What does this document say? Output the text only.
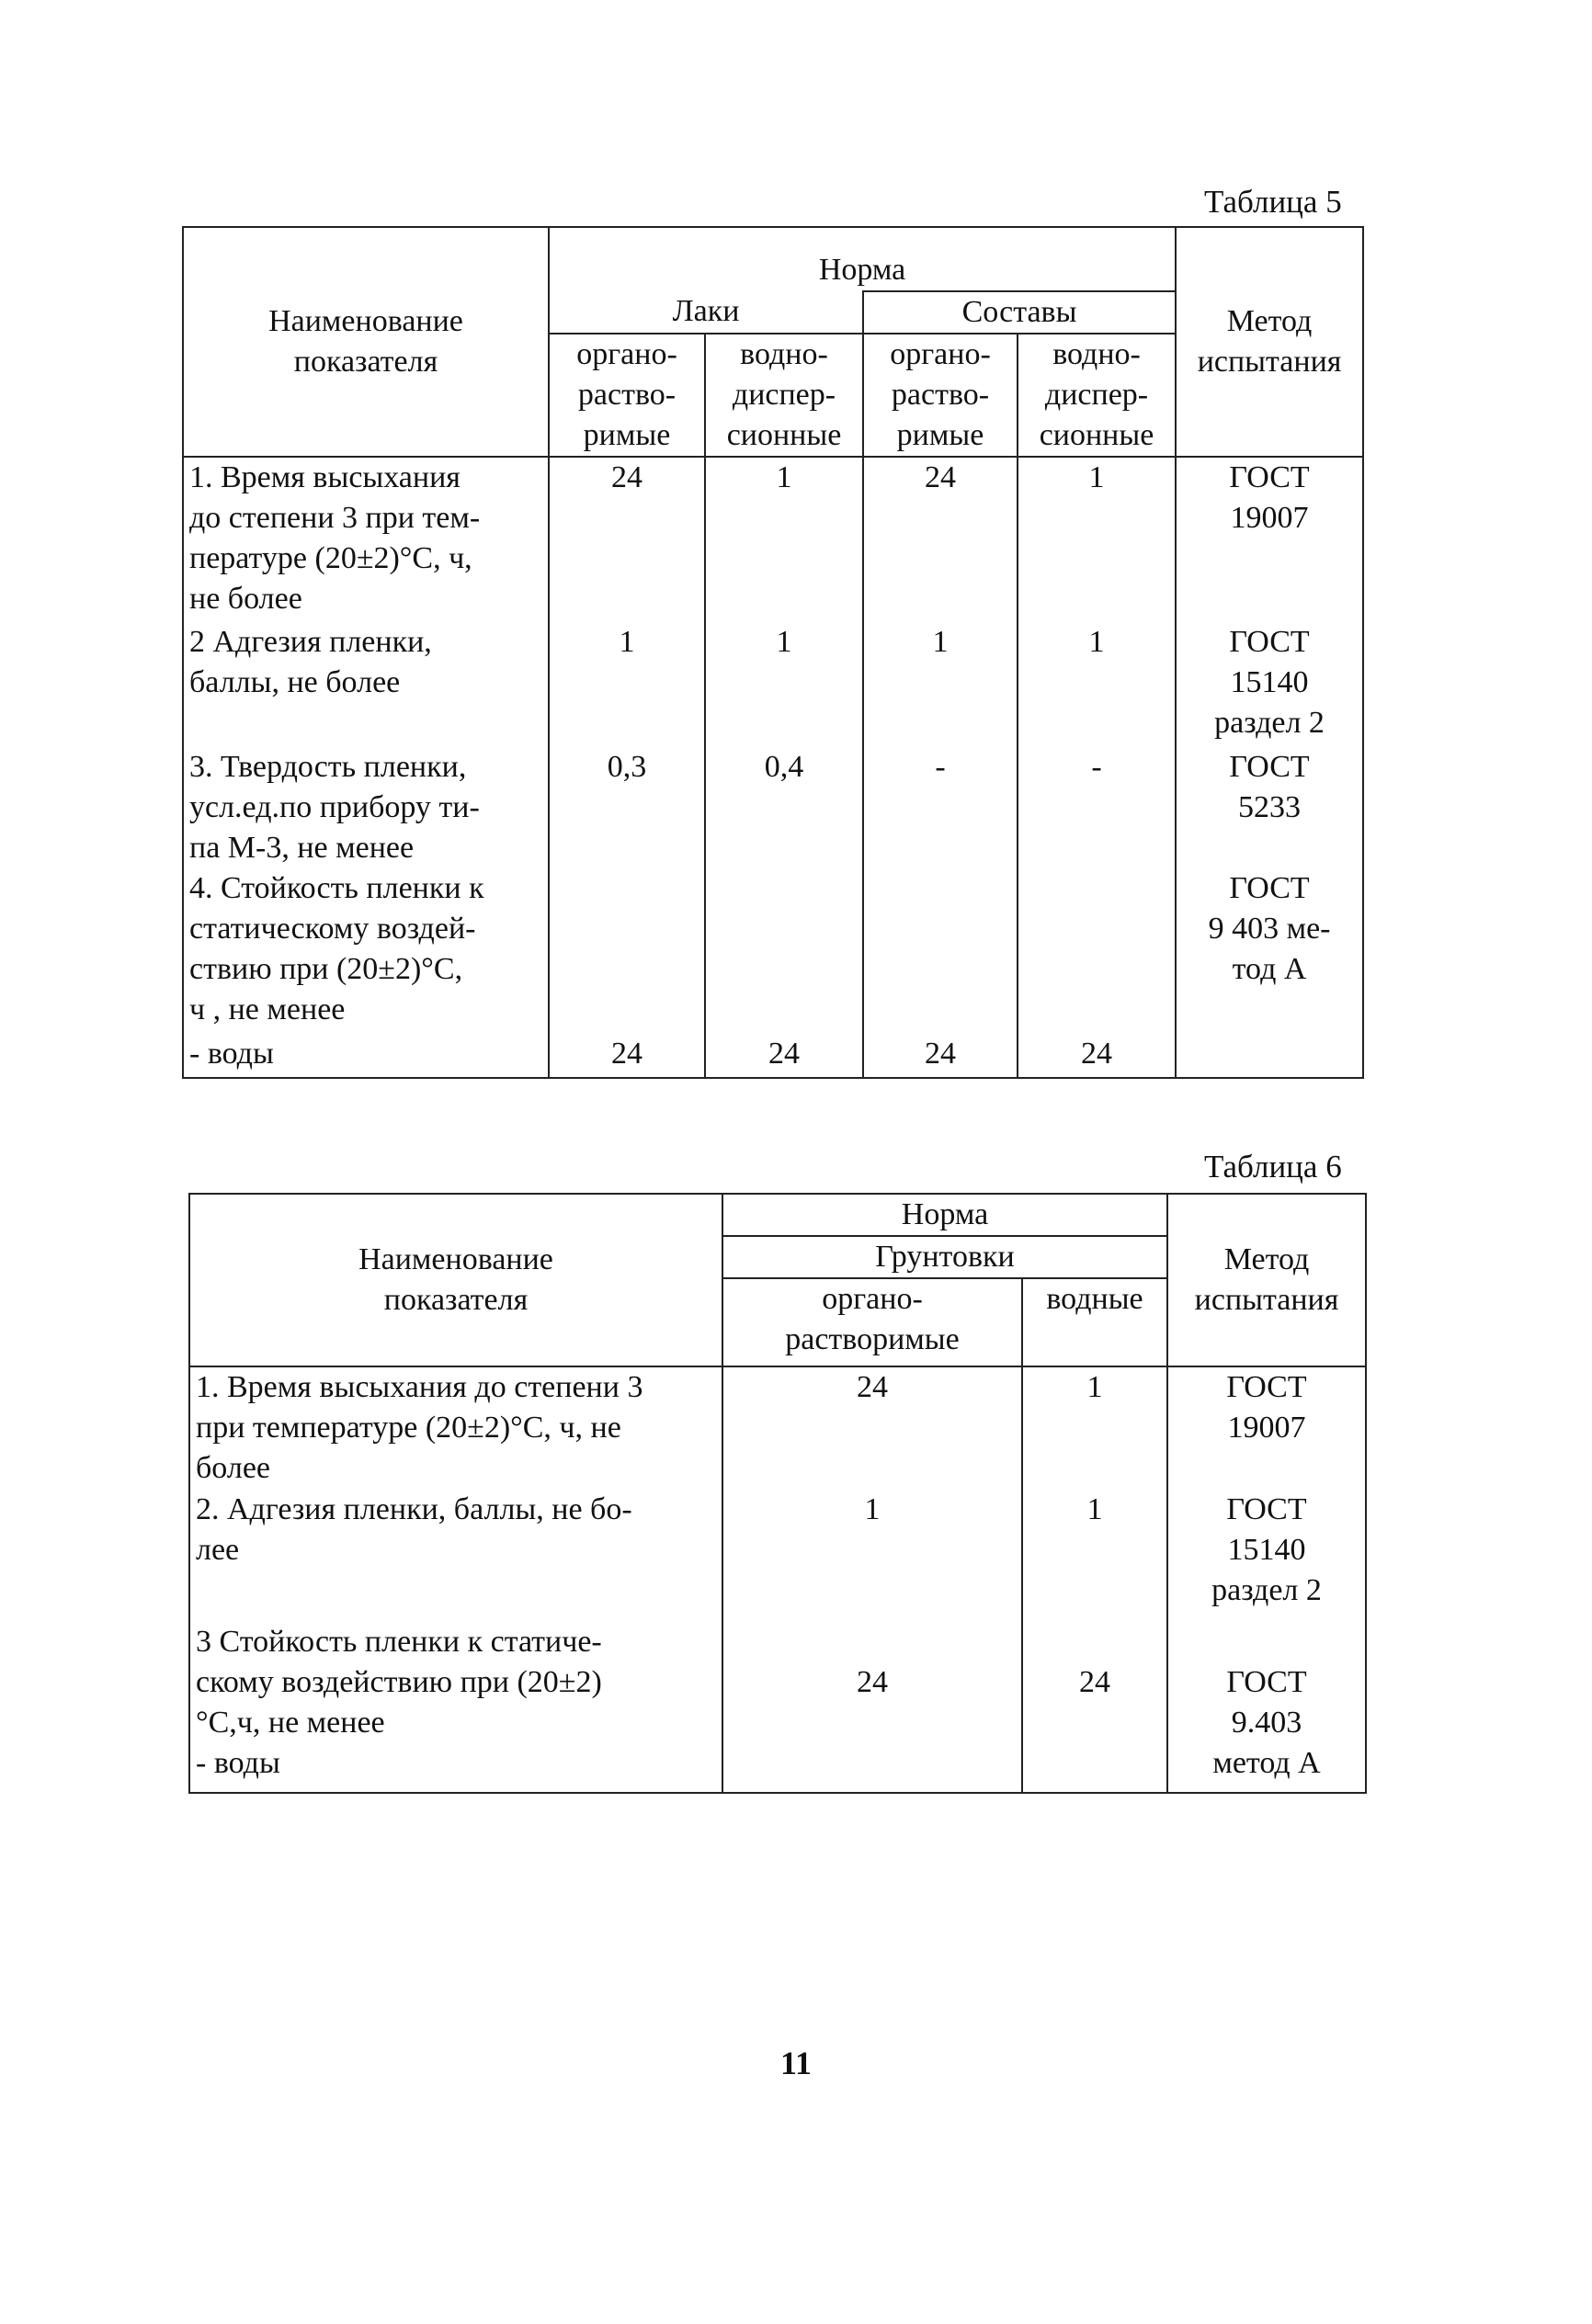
Таблица 5
Наименование
показателя	Норма				Метод
испытания
	Лаки		Составы		
	органо-
раство-
римые	водно-
диспер-
сионные	органо-
раство-
римые	водно-
диспер-
сионные	
1. Время высыхания
до степени 3 при тем-
пературе (20±2)°С, ч,
не более	24	1	24	1	ГОСТ
19007
2 Адгезия пленки,
баллы, не более	1	1	1	1	ГОСТ
15140
раздел 2
3. Твердость пленки,
усл.ед.по прибору ти-
па М-3, не менее	0,3	0,4	-	-	ГОСТ
5233
4. Стойкость пленки к
статическому воздей-
ствию при (20±2)°С,
ч , не менее					ГОСТ
9 403 ме-
тод А
- воды	24	24	24	24	
Таблица 6
Наименование
показателя	Норма		Метод
испытания
	Грунтовки		
	органо-
растворимые	водные	
1. Время высыхания до степени 3
при температуре (20±2)°С, ч, не
более	24	1	ГОСТ
19007
2. Адгезия пленки, баллы, не бо-
лее	1	1	ГОСТ
15140
раздел 2
3 Стойкость пленки к статиче-
скому воздействию при (20±2)
°С,ч, не менее
- воды	24	24	ГОСТ
9.403
метод А
11
